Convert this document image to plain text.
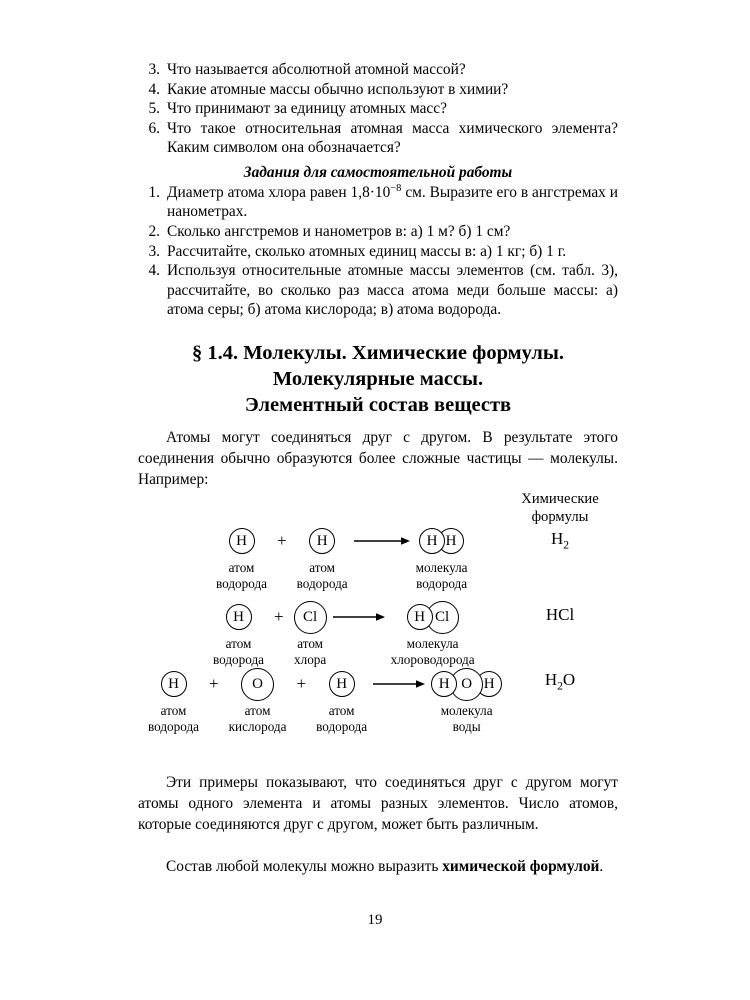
3. Что называется абсолютной атомной массой?
4. Какие атомные массы обычно используют в химии?
5. Что принимают за единицу атомных масс?
6. Что такое относительная атомная масса химического элемента? Каким символом она обозначается?
Задания для самостоятельной работы
1. Диаметр атома хлора равен $1,8\cdot 10^{-8}$ см. Выразите его в ангстремах и нанометрах.
2. Сколько ангстремов и нанометров в: а) 1 м? б) 1 см?
3. Рассчитайте, сколько атомных единиц массы в: а) 1 кг; б) 1 г.
4. Используя относительные атомные массы элементов (см. табл. 3), рассчитайте, во сколько раз масса атома меди больше массы: а) атома серы; б) атома кислорода; в) атома водорода.
§ 1.4. Молекулы. Химические формулы.
Молекулярные массы.
Элементный состав веществ
Атомы могут соединяться друг с другом. В результате этого соединения обычно образуются более сложные частицы — молекулы. Например:
Химические
формулы
$H_2$
HCl
$H_2O$
H
атом
водорода
+	H
атом
водорода
H H
молекула
водорода
H
атом
водорода
+	Cl
атом
хлора
→	H Cl
молекула
хлороводорода
H
атом
водорода
+	O
атом
кислорода
+	H
атом
водорода
→ H O H
молекула
воды
Эти примеры показывают, что соединяться друг с другом могут атомы одного элемента и атомы разных элементов. Число атомов, которые соединяются друг с другом, может быть различным.
Состав любой молекулы можно выразить химической формулой.
19
